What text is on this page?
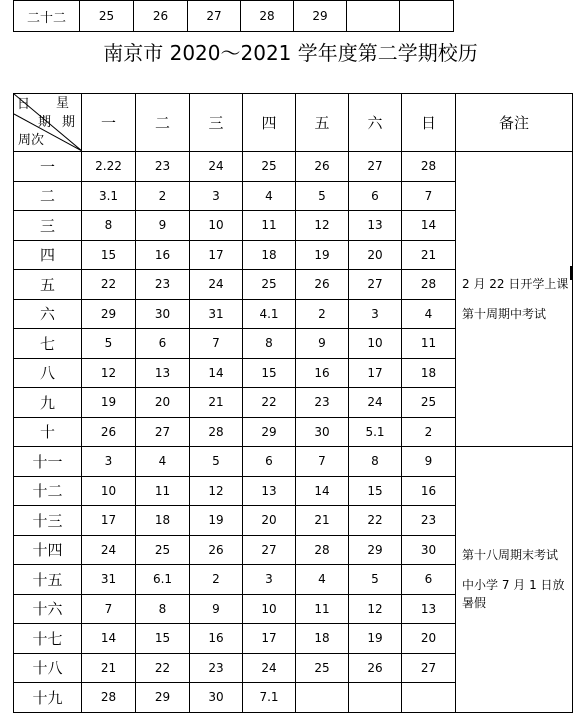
二十二	25	26	27	28	29		
南京市 2020～2021 学年度第二学期校历
星
日
期 期
周次	一	二	三	四	五	六	日	备注
一	2.22	23	24	25	26	27	28	2 月 22 日开学上课
第十周期中考试

二	3.1	2	3	4	5	6	7	
三	8	9	10	11	12	13	14	
四	15	16	17	18	19	20	21	
五	22	23	24	25	26	27	28	
六	29	30	31	4.1	2	3	4	
七	5	6	7	8	9	10	11	
八	12	13	14	15	16	17	18	
九	19	20	21	22	23	24	25	
十	26	27	28	29	30	5.1	2	
十一	3	4	5	6	7	8	9	第十八周期末考试
中小学 7 月 1 日放暑假

十二	10	11	12	13	14	15	16	
十三	17	18	19	20	21	22	23	
十四	24	25	26	27	28	29	30	
十五	31	6.1	2	3	4	5	6	
十六	7	8	9	10	11	12	13	
十七	14	15	16	17	18	19	20	
十八	21	22	23	24	25	26	27	
十九	28	29	30	7.1				
